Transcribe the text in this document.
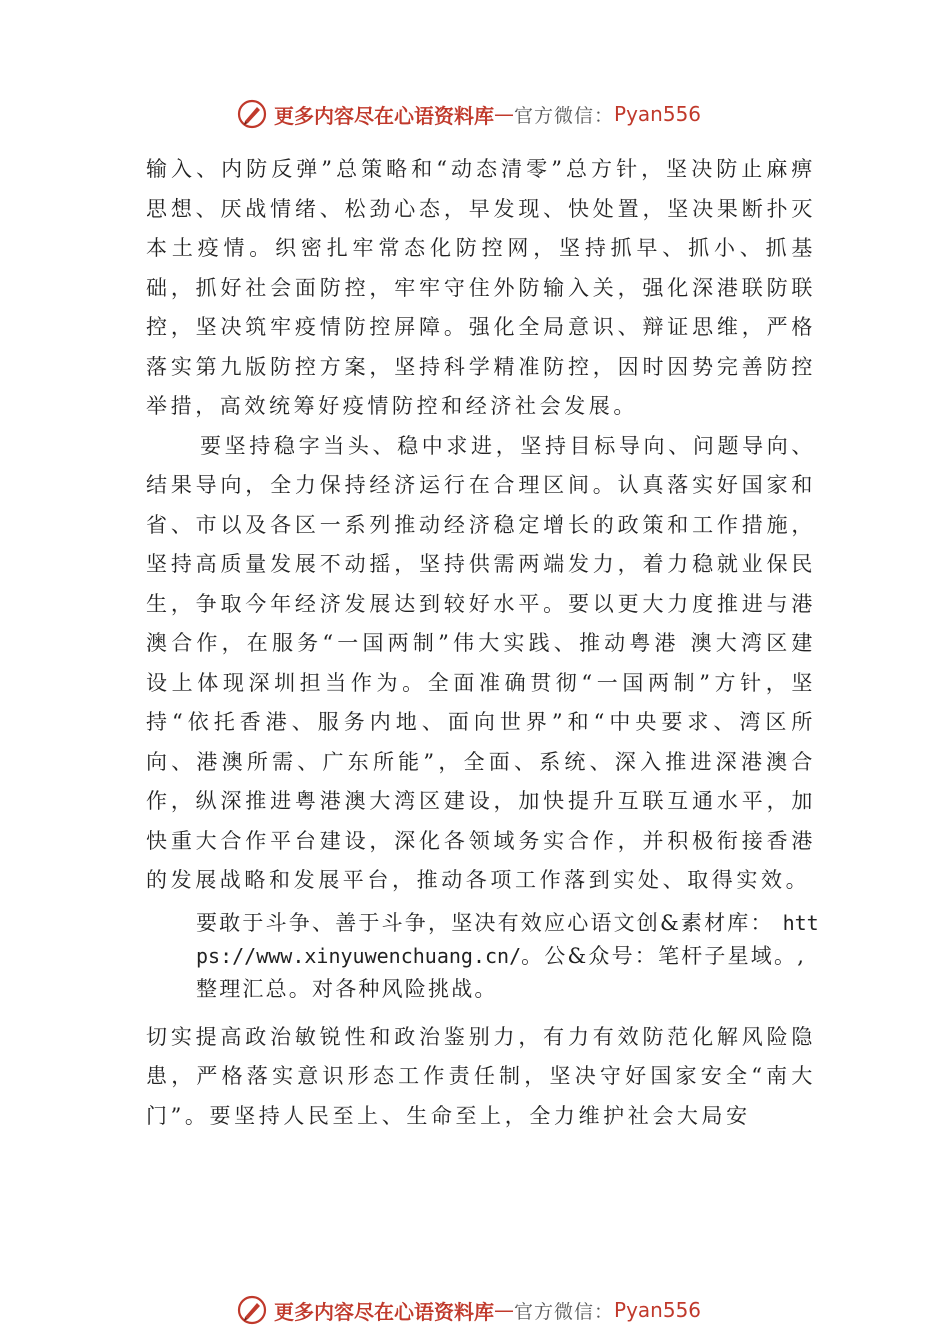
更多内容尽在心语资料库 — 官方微信： Pyan556

输入、内防反弹”总策略和“动态清零”总方针，坚决防止麻痹思想、厌战情绪、松劲心态，早发现、快处置，坚决果断扑灭本土疫情。织密扎牢常态化防控网，坚持抓早、抓小、抓基础，抓好社会面防控，牢牢守住外防输入关，强化深港联防联控，坚决筑牢疫情防控屏障。强化全局意识、辩证思维，严格落实第九版防控方案，坚持科学精准防控，因时因势完善防控举措，高效统筹好疫情防控和经济社会发展。

要坚持稳字当头、稳中求进，坚持目标导向、问题导向、结果导向，全力保持经济运行在合理区间。认真落实好国家和省、市以及各区一系列推动经济稳定增长的政策和工作措施，坚持高质量发展不动摇，坚持供需两端发力，着力稳就业保民生，争取今年经济发展达到较好水平。要以更大力度推进与港澳合作，在服务“一国两制”伟大实践、推动粤港 澳大湾区建设上体现深圳担当作为。全面准确贯彻“一国两制”方针，坚持“依托香港、服务内地、面向世界”和“中央要求、湾区所向、港澳所需、广东所能”，全面、系统、深入推进深港澳合作，纵深推进粤港澳大湾区建设，加快提升互联互通水平，加快重大合作平台建设，深化各领域务实合作，并积极衔接香港的发展战略和发展平台，推动各项工作落到实处、取得实效。

要敢于斗争、善于斗争，坚决有效应心语文创&素材库： https://www.xinyuwenchuang.cn/。公&众号：笔杆子星域。,整理汇总。对各种风险挑战。

切实提高政治敏锐性和政治鉴别力，有力有效防范化解风险隐患，严格落实意识形态工作责任制，坚决守好国家安全“南大门”。要坚持人民至上、生命至上，全力维护社会大局安

更多内容尽在心语资料库 — 官方微信： Pyan556
